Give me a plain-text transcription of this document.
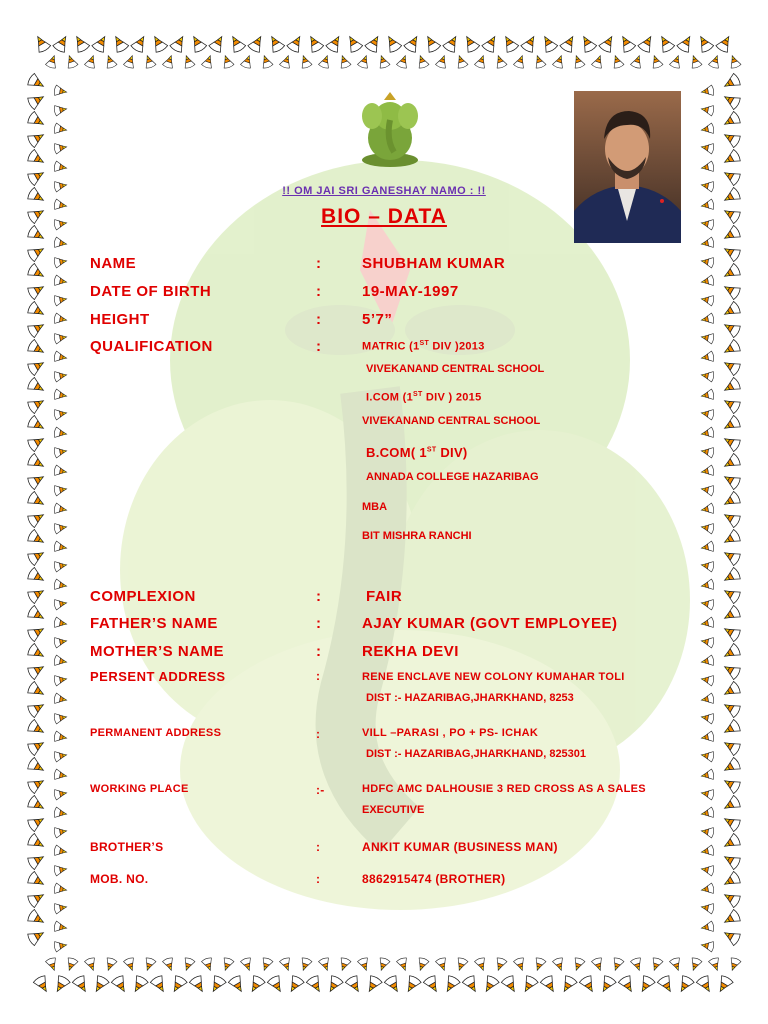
!! OM JAI SRI GANESHAY NAMO : !!
BIO – DATA
NAME	:	SHUBHAM KUMAR
DATE OF BIRTH	:	19-MAY-1997
HEIGHT	:	5’7”
QUALIFICATION	:	MATRIC (1ST DIV )2013
VIVEKANAND CENTRAL SCHOOL
I.COM (1ST DIV ) 2015
VIVEKANAND CENTRAL SCHOOL
B.COM( 1ST DIV)
ANNADA COLLEGE HAZARIBAG
MBA
BIT MISHRA RANCHI
COMPLEXION	:	FAIR
FATHER’S NAME	:	AJAY KUMAR (GOVT EMPLOYEE)
MOTHER’S NAME	:	REKHA DEVI
PERSENT ADDRESS	:	RENE ENCLAVE NEW COLONY KUMAHAR TOLI
DIST :- HAZARIBAG,JHARKHAND, 8253
PERMANENT ADDRESS	:	VILL –PARASI , PO + PS- ICHAK
DIST :- HAZARIBAG,JHARKHAND, 825301
WORKING PLACE	:-	HDFC AMC DALHOUSIE 3 RED CROSS AS A SALES
EXECUTIVE
BROTHER’S	:	ANKIT KUMAR (BUSINESS MAN)
MOB. NO.	:	8862915474 (BROTHER)
